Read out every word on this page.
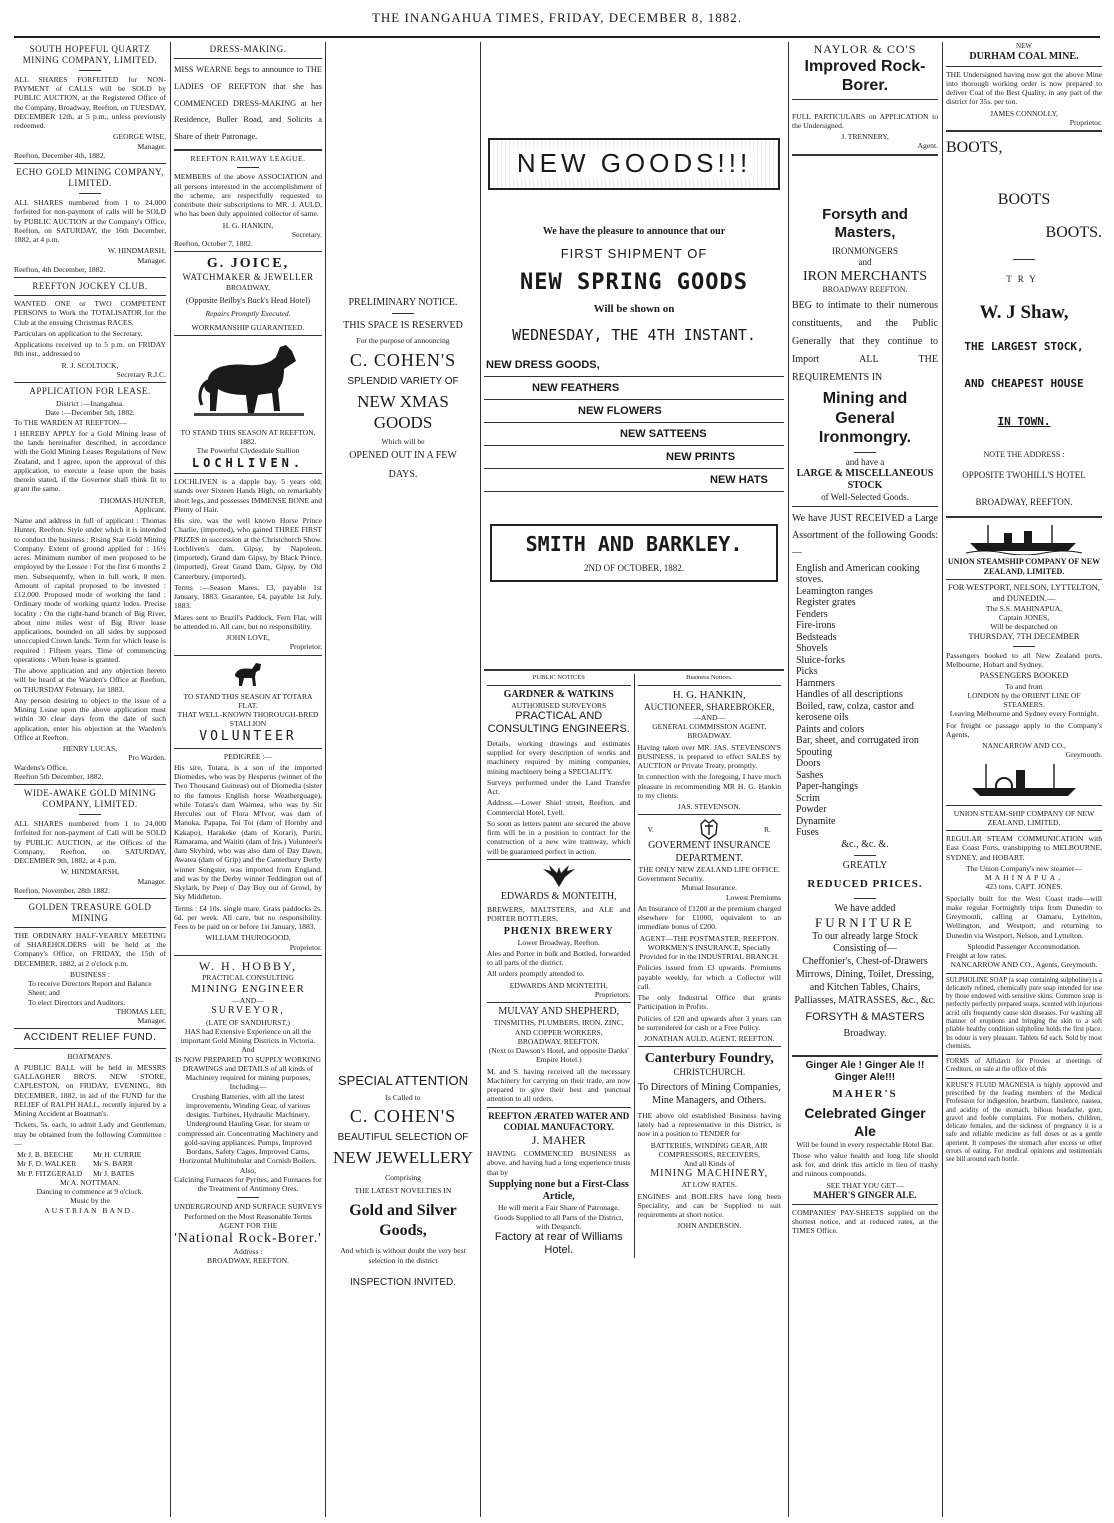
THE INANGAHUA TIMES, FRIDAY, DECEMBER 8, 1882.
SOUTH HOPEFUL QUARTZ MINING COMPANY, LIMITED.
ALL SHARES FORFEITED for NON-PAYMENT of CALLS will be SOLD by PUBLIC AUCTION, at the Registered Office of the Company, Broadway, Reefton, on TUESDAY, DECEMBER 12th, at 5 p.m., unless previously redeemed.
GEORGE WISE,
Manager.
Reefton, December 4th, 1882.
ECHO GOLD MINING COMPANY, LIMITED.
ALL SHARES numbered from 1 to 24,000 forfeited for non-payment of calls will be SOLD by PUBLIC AUCTION at the Company's Office, Reefton, on SATURDAY, the 16th December, 1882, at 4 p.m.
W. HINDMARSH,
Manager.
Reefton, 4th December, 1882.
REEFTON JOCKEY CLUB.
WANTED ONE or TWO COMPETENT PERSONS to Work the TOTALISATOR for the Club at the ensuing Christmas RACES.
Particulars on application to the Secretary.
Applications received up to 5 p.m. on FRIDAY 8th inst., addressed to
R. J. SCOLTOCK,
Secretary R.J.C.
APPLICATION FOR LEASE.
District :—Inangahua.
Date :—December 5th, 1882.
To THE WARDEN AT REEFTON—
I HEREBY APPLY for a Gold Mining lease of the lands hereinafter described, in accordance with the Gold Mining Leases Regulations of New Zealand, and I agree, upon the approval of this application, to execute a lease upon the basis therein stated, if the Governor shall think fit to grant the same.
THOMAS HUNTER,
Applicant.
Name and address in full of applicant : Thomas Hunter, Reefton. Style under which it is intended to conduct the business : Rising Star Gold Mining Company. Extent of ground applied for : 16½ acres. Minimum number of men proposed to be employed by the Lessee : For the first 6 months 2 men. Subsequently, when in full work, 8 men. Amount of capital proposed to be invested : £12,000. Proposed mode of working the land : Ordinary mode of working quartz lodes. Precise locality : On the right-hand branch of Big River, about nine miles west of Big River lease applications, bounded on all sides by supposed unoccupied Crown lands. Term for which lease is required : Fifteen years. Time of commencing operations : When lease is granted.
The above application and any objection hereto will be heard at the Warden's Office at Reefton, on THURSDAY February, 1st 1883.
Any person desiring to object to the issue of a Mining Lease upon the above application must within 30 clear days from the date of such application, enter his objection at the Warden's Office at Reefton.
HENRY LUCAS,
Pro Warden.
Wardens's Office,
Reefton 5th December, 1882.
WIDE-AWAKE GOLD MINING COMPANY, LIMITED.
ALL SHARES numbered from 1 to 24,000 forfeited for non-payment of Call will be SOLD by PUBLIC AUCTION, at the Offices of the Company, Reefton, on SATURDAY, DECEMBER 9th, 1882, at 4 p.m.
W. HINDMARSH,
Manager.
Reefton, November, 28th 1882.
GOLDEN TREASURE GOLD MINING
THE ORDINARY HALF-YEARLY MEETING of SHAREHOLDERS will be held at the Company's Office, on FRIDAY, the 15th of DECEMBER, 1882, at 2 o'clock p.m.
BUSINESS :
To receive Directors Report and Balance Sheet; and
To elect Directors and Auditors.
THOMAS LEE,
Manager.
ACCIDENT RELIEF FUND.
BOATMAN'S.
A PUBLIC BALL will be held in MESSRS GALLAGHER BRO'S. NEW STORE, CAPLESTON, on FRIDAY, EVENING, 8th DECEMBER, 1882, in aid of the FUND for the RELIEF of RALPH HALL, recently injured by a Mining Accident at Boatman's.
Tickets, 5s. each, to admit Lady and Gentleman, may be obtained from the following Committee :—
Mr J. B. BEECHE
Mr F. D. WALKER
Mr P. FITZGERALD
Mr H. CURRIE
Mr S. BARR
Mr J. BATES
Mr A. NOTTMAN.
Dancing to commence at 9 o'clock.
Music by the
AUSTRIAN BAND.
DRESS-MAKING.
MISS WEARNE begs to announce to THE LADIES OF REEFTON that she has COMMENCED DRESS-MAKING at her Residence, Buller Road, and Solicits a Share of their Patronage.
REEFTON RAILWAY LEAGUE.
MEMBERS of the above ASSOCIATION and all persons interested in the accomplishment of the scheme, are respectfully requested to contribute their subscriptions to MR. J. AULD, who has been duly appointed collector of same.
H. G. HANKIN,
Secretary.
Reefton, October 7, 1882.
G. JOICE,
WATCHMAKER & JEWELLER
BROADWAY,
(Opposite Beilby's Buck's Head Hotel)
Repairs Promptly Executed.
WORKMANSHIP GUARANTEED.
TO STAND THIS SEASON AT REEFTON, 1882.
The Powerful Clydesdale Stallion
LOCHLIVEN.
LOCHLIVEN is a dapple bay, 5 years old; stands over Sixteen Hands High, on remarkably short legs, and possesses IMMENSE BONE and Plenty of Hair.
His sire, was the well known Horse Prince Charlie, (imported), who gained THREE FIRST PRIZES in succession at the Christchurch Show. Lochliven's dam, Gipsy, by Napoleon, (imported), Grand dam Gipsy, by Black Prince, (imported), Great Grand Dam, Gipsy, by Old Canterbury, (imported).
Terms :—Season Mares, £3, payable 1st January, 1883. Guarantee, £4, payable 1st July, 1883.
Mares sent to Brazil's Paddock, Fern Flat, will be attended to. All care, but no responsibility.
JOHN LOVE,
Proprietor.
TO STAND THIS SEASON AT TOTARA FLAT.
THAT WELL-KNOWN THOROUGH-BRED STALLION
VOLUNTEER
PEDIGREE :—
His sire, Totara, is a son of the imported Diomedes, who was by Hesperus (winner of the Two Thousand Guineas) out of Diomedia (sister to the famous English horse Weatherguage), while Totara's dam Waimea, who was by Sir Hercules out of Flora M'Ivor, was dam of Manuka, Papapa, Toi Toi (dam of Hornby and Kakapo), Harakeke (dam of Korari), Puriri, Ramarama, and Waititi (dam of Iris.) Volunteer's dam Skybird, who was also dam of Day Dawn, Awatea (dam of Grip) and the Canterbury Derby winner Songster, was imported from England, and was by the Derby winner Teddington out of Skylark, by Peep o' Day Boy out of Growl, by Sky Middleton.
Terms : £4 10s. single mare. Grass paddocks 2s. 6d. per week. All care, but no responsibility. Fees to be paid on or before 1st January, 1883.
WILLIAM THUROGOOD,
Proprietor.
W. H. HOBBY,
PRACTICAL CONSULTING
MINING ENGINEER
—AND—
SURVEYOR,
(LATE OF SANDHURST,)
HAS had Extensive Experience on all the important Gold Mining Districts in Victoria.
And
IS NOW PREPARED TO SUPPLY WORKING DRAWINGS and DETAILS of all kinds of Machinery required for mining purposes, Including—
Crushing Batteries, with all the latest improvements, Winding Gear, of various designs. Turbines, Hydraulic Machinery, Underground Hauling Gear, for steam or compressed air. Concentrating Machinery and gold-saving appliances. Pumps, Improved Bordans, Safety Cages, Improved Cams, Horizontal Multitubular and Cornish Boilers.
Also,
Calcining Furnaces for Pyrites, and Furnaces for the Treatment of Antimony Ores.
UNDERGROUND AND SURFACE SURVEYS
Performed on the Most Reasonable Terms
AGENT FOR THE
'National Rock-Borer.'
Address :
BROADWAY, REEFTON.
PRELIMINARY NOTICE.
THIS SPACE IS RESERVED
For the purpose of announcing
C. COHEN'S
SPLENDID VARIETY OF
NEW XMAS GOODS
Which will be
OPENED OUT IN A FEW
DAYS.
SPECIAL ATTENTION
Is Called to
C. COHEN'S
BEAUTIFUL SELECTION OF
NEW JEWELLERY
Comprising
THE LATEST NOVELTIES IN
Gold and Silver Goods,
And which is without doubt the very best selection in the district
INSPECTION INVITED.
NEW GOODS!!!
We have the pleasure to announce that our
FIRST SHIPMENT OF
NEW SPRING GOODS
Will be shown on
WEDNESDAY, THE 4TH INSTANT.
NEW DRESS GOODS,
NEW FEATHERS
NEW FLOWERS
NEW SATTEENS
NEW PRINTS
NEW HATS
SMITH AND BARKLEY.
2ND OF OCTOBER, 1882.
PUBLIC NOTICES
GARDNER & WATKINS
AUTHORISED SURVEYORS
PRACTICAL AND CONSULTING ENGINEERS.
Details, working drawings and estimates supplied for every description of works and machinery required by mining companies, mining machinery being a SPECIALITY.
Surveys performed under the Land Transfer Act.
Address.—Lower Shiel street, Reefton, and Commercial Hotel, Lyell.
So soon as letters patent are secured the above firm will be in a position to contract for the construction of a new wire tramway, which will be guaranteed perfect in action.
EDWARDS & MONTEITH,
BREWERS, MALTSTERS, and ALE and PORTER BOTTLERS,
PHŒNIX BREWERY
Lower Broadway, Reefton.
Ales and Porter in bulk and Bottled, forwarded to all parts of the district.
All orders promptly attended to.
EDWARDS AND MONTEITH,
Proprietors.
MULVAY AND SHEPHERD,
TINSMITHS, PLUMBERS, IRON, ZINC, AND COPPER WORKERS,
BROADWAY, REEFTON.
(Next to Dawson's Hotel, and opposite Danks' Empire Hotel.)
M. and S. having received all the necessary Machinery for carrying on their trade, are now prepared to give their best and punctual attention to all orders.
REEFTON ÆRATED WATER AND CODIAL MANUFACTORY.
J. MAHER
HAVING COMMENCED BUSINESS as above, and having had a long experience trusts that by
Supplying none but a First-Class Article,
He will merit a Fair Share of Patronage.
Goods Supplied to all Parts of the District, with Despatch.
Factory at rear of Williams Hotel.
Business Notices.
H. G. HANKIN,
AUCTIONEER, SHAREBROKER,
—AND—
GENERAL COMMISSION AGENT,
BROADWAY.
Having taken over MR. JAS. STEVENSON'S BUSINESS, is prepared to effect SALES by AUCTION or Private Treaty, promptly.
In connection with the foregoing, I have much pleasure in recommending MR H. G. Hankin to my clients.
JAS. STEVENSON.
V.	R.
GOVERMENT INSURANCE DEPARTMENT.
THE ONLY NEW ZEALAND LIFE OFFICE.
Government Security.
Mutual Insurance.
Lowest Premiums
An Insurance of £1200 at the premium charged elsewhere for £1000, equivalent to an immediate bonus of £200.
AGENT—THE POSTMASTER, REEFTON.
WORKMEN'S INSURANCE, Specially Provided for in the INDUSTRIAL BRANCH.
Policies issued from £3 upwards. Premiums payable weekly, for which a Collector will call.
The only Industrial Office that grants Participation in Profits.
Policies of £20 and upwards after 3 years can be surrendered for cash or a Free Policy.
JONATHAN AULD, AGENT, REEFTON.
Canterbury Foundry,
CHRISTCHURCH.
To Directors of Mining Companies, Mine Managers, and Others.
THE above old established Business having lately had a representative in this District, is now in a position to TENDER for
BATTERIES, WINDING GEAR, AIR COMPRESSORS, RECEIVERS,
And all Kinds of
MINING MACHINERY,
AT LOW RATES.
ENGINES and BOILERS have long been Speciality, and can be Supplied to suit requirements at short notice.
JOHN ANDERSON.
NAYLOR & CO'S
Improved Rock-Borer.
FULL PARTICULARS on APPLICATION to the Undersigned.
J. TRENNERY,
Agent.
Forsyth and Masters,
IRONMONGERS
and
IRON MERCHANTS
BROADWAY REEFTON.
BEG to intimate to their numerous constituents, and the Public Generally that they continue to Import ALL THE REQUIREMENTS IN
Mining and General Ironmongry.
and have a
LARGE & MISCELLANEOUS STOCK
of Well-Selected Goods.
We have JUST RECEIVED a Large Assortment of the following Goods:—
English and American cooking stoves.
Leamington ranges
Register grates
Fenders
Fire-irons
Bedsteads
Shovels
Sluice-forks
Picks
Hammers
Handles of all descriptions
Boiled, raw, colza, castor and kerosene oils
Paints and colors
Bar, sheet, and corrugated iron
Spouting
Doors
Sashes
Paper-hangings
Scrim
Powder
Dynamite
Fuses
&c., &c. &.
GREATLY
REDUCED PRICES.
We have added
FURNITURE
To our already large Stock Consisting of—
Cheffonier's, Chest-of-Drawers Mirrows, Dining, Toilet, Dressing, and Kitchen Tables, Chairs, Palliasses, MATRASSES, &c., &c.
FORSYTH & MASTERS
Broadway.
Ginger Ale ! Ginger Ale !! Ginger Ale!!!
MAHER'S
Celebrated Ginger Ale
Will be found in every respectable Hotel Bar.
Those who value health and long life should ask for, and drink this article in lieu of trashy and ruinous compounds.
SEE THAT YOU GET—
MAHER'S GINGER ALE.
COMPANIES' PAY-SHEETS supplied on the shortest notice, and at reduced rates, at the TIMES Office.
NEW
DURHAM COAL MINE.
THE Undersigned having now got the above Mine into thorough working order is now prepared to deliver Coal of the Best Quality, in any part of the district for 35s. per ton.
JAMES CONNOLLY,
Proprietor.
BOOTS,
BOOTS
BOOTS.
TRY
W. J Shaw,
THE LARGEST STOCK,
AND CHEAPEST HOUSE
IN TOWN.
NOTE THE ADDRESS :
OPPOSITE TWOHILL'S HOTEL
BROADWAY, REEFTON.
UNION STEAMSHIP COMPANY OF NEW ZEALAND, LIMITED.
FOR WESTPORT, NELSON, LYTTELTON, and DUNEDIN.—
The S.S. MAHINAPUA,
Captain JONES,
Will be despatched on
THURSDAY, 7TH DECEMBER
Passengers booked to all New Zealand ports, Melbourne, Hobart and Sydney.
PASSENGERS BOOKED
To and from
LONDON by the ORIENT LINE OF STEAMERS.
Leaving Melbourne and Sydney every Fortnight.
For freight or passage apply to the Company's Agents,
NANCARROW AND CO.,
Greymouth.
UNION STEAM-SHIP COMPANY OF NEW ZEALAND, LIMITED.
REGULAR STEAM COMMUNICATION with East Coast Ports, transhipping to MELBOURNE, SYDNEY, and HOBART.
The Union Company's new steamer—
MAHINAPUA,
423 tons. CAPT. JONES.
Specially built for the West Coast trade—will make regular Fortnightly trips from Dunedin to Greymouth, calling at Oamaru, Lyttelton, Wellington, and Westport, and returning to Dunedin via Westport, Nelson, and Lyttelton.
Splendid Passenger Accommodation.
Freight at low rates.
NANCARROW AND CO., Agents, Greymouth.
SULPHOLINE SOAP (a soap containing sulpholine) is a delicately refined, chemically pure soap intended for use by those endowed with sensitive skins. Common soap is perfectly perfectly prepared soaps, scented with injurious acrid oils frequently cause skin diseases. For washing all manner of eruptions and bringing the skin to a soft pliable healthy condition sulpholine holds the first place. Its odour is very pleasant. Tablets 6d each. Sold by most chemists.
FORMS of Affidavit for Proxies at meetings of Creditors, on sale at the office of this
KRUSE'S FLUID MAGNESIA is highly approved and prescribed by the leading members of the Medical Profession for indigestion, heartburn, flatulence, nausea, and acidity of the stomach, bilious headache, gout, gravel and feeble complaints. For mothers, children, delicate females, and the sickness of pregnancy it is a safe and reliable medicine as full doses or as a gentle aperient. It composes the stomach after excess or other errors of eating. For medical opinions and testimonials see bill around each bottle.
